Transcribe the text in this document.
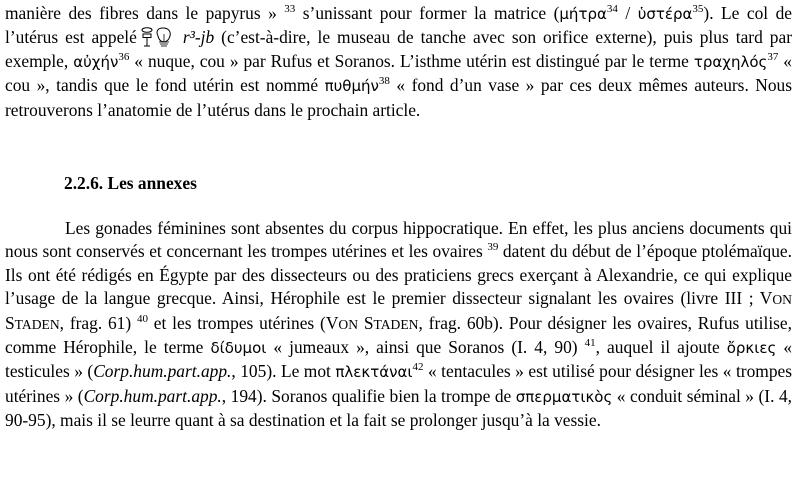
manière des fibres dans le papyrus » $^{33}$ s’unissant pour former la matrice (μήτρα$^{34}$ / ὑστέρα$^{35}$). Le col de l’utérus est appelé	r³-jb (c’est-à-dire, le museau de tanche avec son orifice externe), puis plus tard par exemple, αὐχήν$^{36}$ « nuque, cou » par Rufus et Soranos. L’isthme utérin est distingué par le terme τραχηλός$^{37}$ « cou », tandis que le fond utérin est nommé πυθμήν$^{38}$ « fond d’un vase » par ces deux mêmes auteurs. Nous retrouverons l’anatomie de l’utérus dans le prochain article.

2.2.6. Les annexes

Les gonades féminines sont absentes du corpus hippocratique. En effet, les plus anciens documents qui nous sont conservés et concernant les trompes utérines et les ovaires $^{39}$ datent du début de l’époque ptolémaïque. Ils ont été rédigés en Égypte par des dissecteurs ou des praticiens grecs exerçant à Alexandrie, ce qui explique l’usage de la langue grecque. Ainsi, Hérophile est le premier dissecteur signalant les ovaires (livre III ; VON STADEN, frag. 61) $^{40}$ et les trompes utérines (VON STADEN, frag. 60b). Pour désigner les ovaires, Rufus utilise, comme Hérophile, le terme δίδυμοι « jumeaux », ainsi que Soranos (I. 4, 90) $^{41}$, auquel il ajoute ὄρκιες « testicules » (Corp.hum.part.app., 105). Le mot πλεκτάναι$^{42}$ « tentacules » est utilisé pour désigner les « trompes utérines » (Corp.hum.part.app., 194). Soranos qualifie bien la trompe de σπερματικὸς « conduit séminal » (I. 4, 90-95), mais il se leurre quant à sa destination et la fait se prolonger jusqu’à la vessie.
